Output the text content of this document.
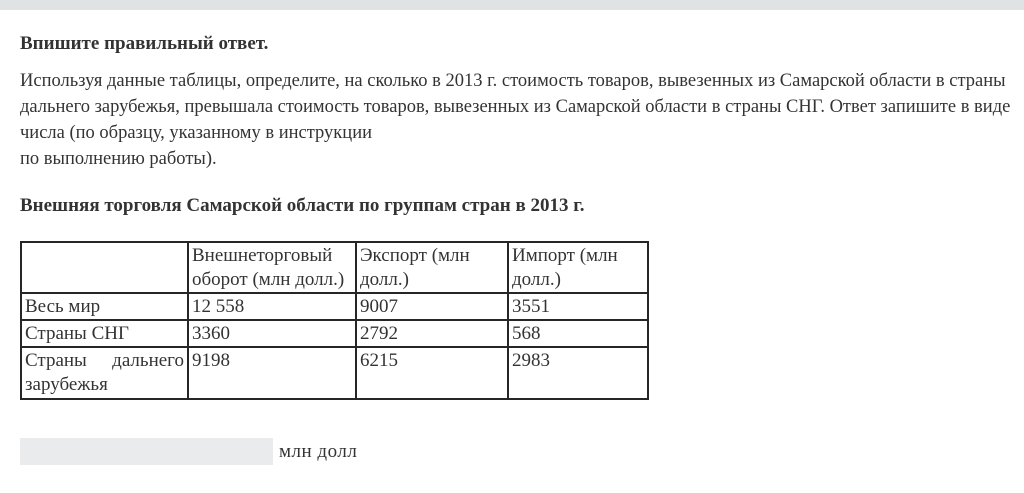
Впишите правильный ответ.
Используя данные таблицы, определите, на сколько в 2013 г. стоимость товаров, вывезенных из Самарской области в страны
дальнего зарубежья, превышала стоимость товаров, вывезенных из Самарской области в страны СНГ. Ответ запишите в виде
числа (по образцу, указанному в инструкции
по выполнению работы).
Внешняя торговля Самарской области по группам стран в 2013 г.
	Внешнеторговый оборот (млн долл.)	Экспорт (млн долл.)	Импорт (млн долл.)
Весь мир	12 558	9007	3551
Страны СНГ	3360	2792	568

Страны дальнего
зарубежья	9198	6215	2983
млн долл
